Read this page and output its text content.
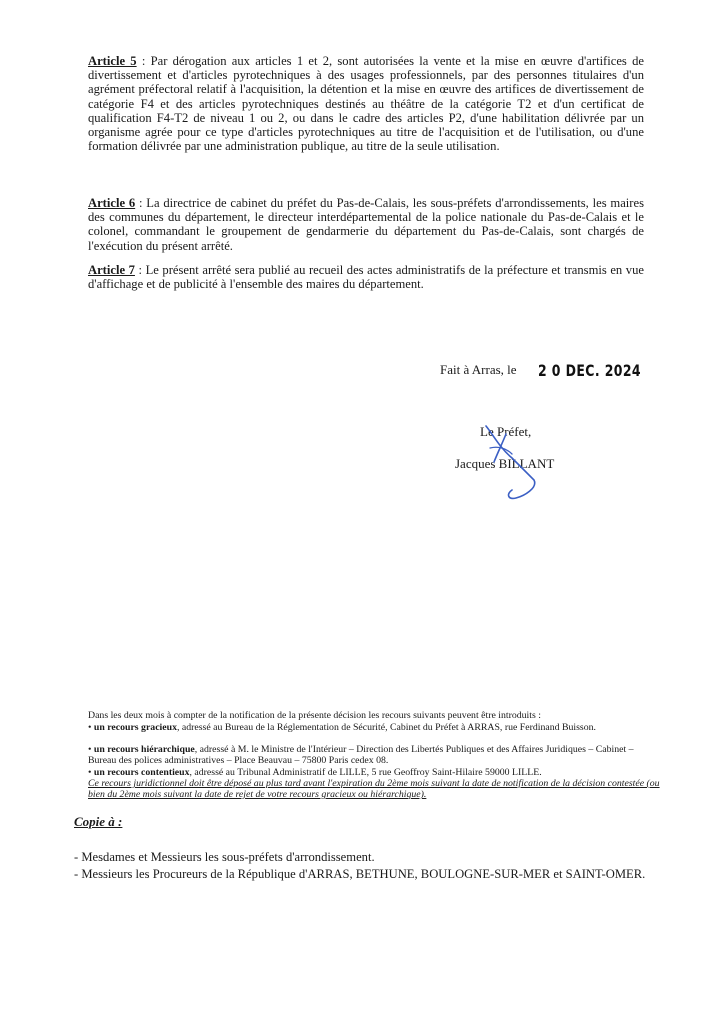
Article 5 : Par dérogation aux articles 1 et 2, sont autorisées la vente et la mise en œuvre d'artifices de divertissement et d'articles pyrotechniques à des usages professionnels, par des personnes titulaires d'un agrément préfectoral relatif à l'acquisition, la détention et la mise en œuvre des artifices de divertissement de catégorie F4 et des articles pyrotechniques destinés au théâtre de la catégorie T2 et d'un certificat de qualification F4-T2 de niveau 1 ou 2, ou dans le cadre des articles P2, d'une habilitation délivrée par un organisme agrée pour ce type d'articles pyrotechniques au titre de l'acquisition et de l'utilisation, ou d'une formation délivrée par une administration publique, au titre de la seule utilisation.

Article 6 : La directrice de cabinet du préfet du Pas-de-Calais, les sous-préfets d'arrondissements, les maires des communes du département, le directeur interdépartemental de la police nationale du Pas-de-Calais et le colonel, commandant le groupement de gendarmerie du département du Pas-de-Calais, sont chargés de l'exécution du présent arrêté.

Article 7 : Le présent arrêté sera publié au recueil des actes administratifs de la préfecture et transmis en vue d'affichage et de publicité à l'ensemble des maires du département.

Fait à Arras, le 2 0 DEC. 2024
Le Préfet,
Jacques BILLANT

Dans les deux mois à compter de la notification de la présente décision les recours suivants peuvent être introduits :

• un recours gracieux, adressé au Bureau de la Réglementation de Sécurité, Cabinet du Préfet à ARRAS, rue Ferdinand Buisson.

• un recours hiérarchique, adressé à M. le Ministre de l'Intérieur – Direction des Libertés Publiques et des Affaires Juridiques – Cabinet – Bureau des polices administratives – Place Beauvau – 75800 Paris cedex 08.

• un recours contentieux, adressé au Tribunal Administratif de LILLE, 5 rue Geoffroy Saint-Hilaire 59000 LILLE.

Ce recours juridictionnel doit être déposé au plus tard avant l'expiration du 2ème mois suivant la date de notification de la décision contestée (ou bien du 2ème mois suivant la date de rejet de votre recours gracieux ou hiérarchique).

Copie à :

- Mesdames et Messieurs les sous-préfets d'arrondissement.

- Messieurs les Procureurs de la République d'ARRAS, BETHUNE, BOULOGNE-SUR-MER et SAINT-OMER.
